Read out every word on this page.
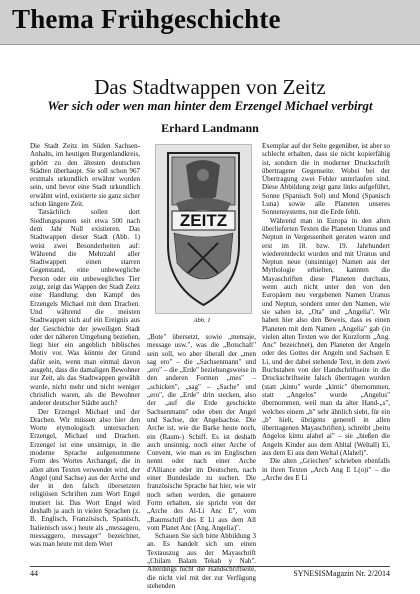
Thema Frühgeschichte
Das Stadtwappen von Zeitz
Wer sich oder wen man hinter dem Erzengel Michael verbirgt
Erhard Landmann

Die Stadt Zeitz im Süden Sachsen-Anhalts, im heutigen Burgenlandkreis, gehört zu den ältesten deutschen Städten überhaupt. Sie soll schon 967 erstmals urkundlich erwähnt worden sein, und bevor eine Stadt urkundlich erwähnt wird, existierte sie ganz sicher schon längere Zeit.

Tatsächlich sollen dort Siedlungsspuren seit etwa 500 nach dem Jahr Null existieren. Das Stadtwappen dieser Stadt (Abb. 1) weist zwei Besonderheiten auf: Während die Mehrzahl aller Stadtwappen einen starren Gegenstand, eine unbewegliche Person oder ein unbewegliches Tier zeigt, zeigt das Wappen der Stadt Zeitz eine Handlung: den Kampf des Erzengels Michael mit dem Drachen. Und während die meisten Stadtwappen sich auf ein Ereignis aus der Geschichte der jeweiligen Stadt oder der näheren Umgebung beziehen, liegt hier ein angeblich biblisches Motiv vor. Was könnte der Grund dafür sein, wenn man einmal davon ausgeht, dass die damaligen Bewohner zur Zeit, als das Stadtwappen gewählt wurde, nicht mehr und nicht weniger christlich waren, als die Bewohner anderer deutscher Städte auch?

Der Erzengel Michael und der Drachen. Wir müssen also hier den Worte etymologisch untersuchen: Erzengel, Michael und Drachen. Erzengel ist eine unsinnige, in die moderne Sprache aufgenommene Form des Wortes Archangel, die in allen alten Texten verwendet wird, der Angel (und Sachse) aus der Arche und der in den falsch übersetzten religiösen Schriften zum Wort Engel mutiert ist. Das Wort Engel wird deshalb ja auch in vielen Sprachen (z. B. Englisch, Französisch, Spanisch, Italienisch usw.) heute als „messagero, messaggero, messager" bezeichnet, was man heute mit dem Wort

ZEITZ
Abb. 1

„Bote" übersetzt, sowie „mensaje, message usw.", was die „Botschaft" sein soll, wo aber überall der „men sag ero" – die „Sachsenmann" und „ero" – die „Erde" beziehungsweise in den anderen Formen „mes" – „schicken", „sag" – „Sache" und „ero", die „Erde" drin stecken, also der „auf die Erde geschickte Sachsenmann" oder eben der Angel und Sachse, der Angelsachse. Die Arche ist, wie die Barke heute noch, ein (Raum-) Schiff. Es ist deshalb auch unsinnig, noch einer Arche of Convent, wie man es im Englischen nennt oder nach einer Arche d'Alliance oder im Deutschen, nach einer Bundeslade zu suchen. Die französische Sprache hat hier, wie wir noch sehen werden, die genauere Form erhalten, sie spricht von der „Arche des Al-Li Anc E", vom „Raumschiff des E Li aus dem All vom Planet Anc (Ang, Angelia)".

Schauen Sie sich bitte Abbildung 3 an. Es handelt sich um einen Textauszug aus der Mayaschrift „Chilam Balam Tekah y Nah". Allerdings nicht die Handschriftseite, die nicht viel mit der zur Verfügung stehenden

Exemplar auf der Seite gegenüber, ist aber so schlecht erhalten, dass sie nicht kopierfähig ist, sondern die in moderner Druckschrift übertragene Gegenseite. Wobei bei der Übertragung zwei Fehler unterlaufen sind. Diese Abbildung zeigt ganz links aufgeführt, Sonne (Spanisch Sol) und Mond (Spanisch Luna) sowie alle Planeten unseres Sonnensystems, nur die Erde fehlt.

Während man in Europa in den alten überlieferten Texten die Planeten Uranus und Neptun in Vergessenheit geraten waren und erst im 18. bzw. 19. Jahrhundert wiederentdeckt wurden und mit Uranus und Neptun neue (unsinnige) Namen aus der Mythologie erhielten, kannten die Mayaschriften diese Planeten durchaus, wenn auch nicht unter den von den Europäern neu vergebenen Namen Uranus und Neptun, sondern unter den Namen, wie sie sahen ist, „Ota" und „Angelia". Wir haben hier also den Beweis, dass es einen Planeten mit dem Namen „Angelia" gab (in vielen alten Texten wie der Kurzform „Ang. Anc" bezeichnet), den Planeten der Angeln oder des Gottes der Angeln und Sachsen E Li, und der dabei stehende Text, in dem zwei Buchstaben von der Handschriftseite in die Druckschriftseite falsch übertragen wurden (statt „kintu" wurde „kintic" übernommen, statt „Angelos" wurde „Angelus" übernommen, weil man da alter Hand-„s", welches einem „h" sehr ähnlich sieht, für ein „b" hielt, übrigens generell in allen übertragenen Mayaschriften), schreibt „beitu Angelos kintu alahel ai" – sie „hießen die Angeln Kinder aus dem Ahltal (Weltall) Ei, aus dem Ei aus dem Weltal (Alahel)".

Die alten „Griechen" schrieben ebenfalls in ihren Texten „Arch Ang E L(o)i" – die „Arche des E Li

44	SYNESISMagazin Nr. 2/2014
